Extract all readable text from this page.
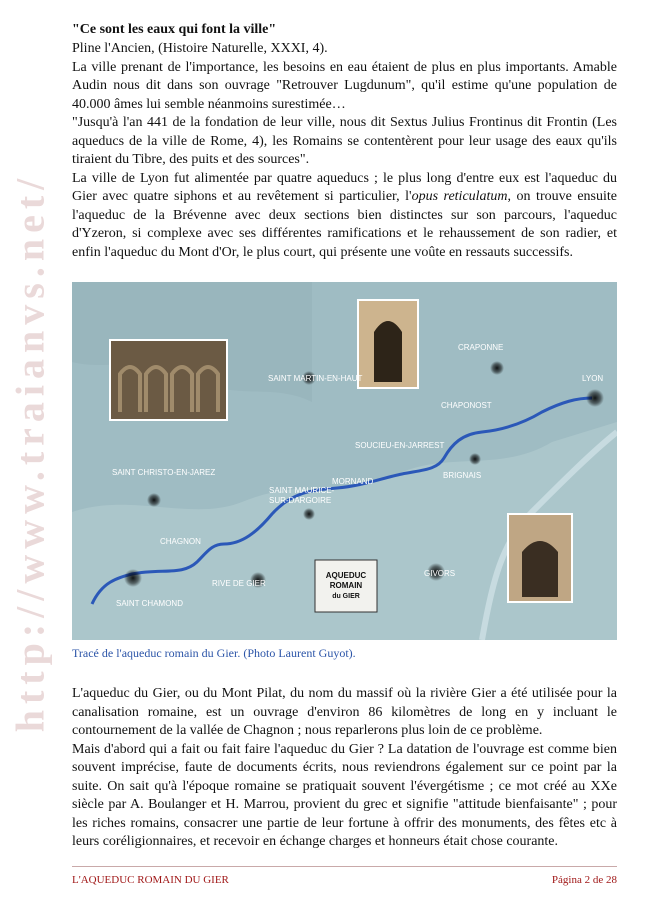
http://www.traianvs.net/
"Ce sont les eaux qui font la ville"

Pline l'Ancien, (Histoire Naturelle, XXXI, 4).

La ville prenant de l'importance, les besoins en eau étaient de plus en plus importants. Amable Audin nous dit dans son ouvrage "Retrouver Lugdunum", qu'il estime qu'une population de 40.000 âmes lui semble néanmoins surestimée…

"Jusqu'à l'an 441 de la fondation de leur ville, nous dit Sextus Julius Frontinus dit Frontin (Les aqueducs de la ville de Rome, 4), les Romains se contentèrent pour leur usage des eaux qu'ils tiraient du Tibre, des puits et des sources".

La ville de Lyon fut alimentée par quatre aqueducs ; le plus long d'entre eux est l'aqueduc du Gier avec quatre siphons et au revêtement si particulier, l'opus reticulatum, on trouve ensuite l'aqueduc de la Brévenne avec deux sections bien distinctes sur son parcours, l'aqueduc d'Yzeron, si complexe avec ses différentes ramifications et le rehaussement de son radier, et enfin l'aqueduc du Mont d'Or, le plus court, qui présente une voûte en ressauts successifs.

AQUEDUC
ROMAIN
du GIER
LYON
CRAPONNE
CHAPONOST
SOUCIEU-EN-JARREST
BRIGNAIS
MORNAND
SAINT MARTIN-EN-HAUT
SAINT CHRISTO-EN-JAREZ
SAINT MAURICE-
SUR-DARGOIRE
CHAGNON
RIVE DE GIER
SAINT CHAMOND
GIVORS
Tracé de l'aqueduc romain du Gier. (Photo Laurent Guyot).

L'aqueduc du Gier, ou du Mont Pilat, du nom du massif où la rivière Gier a été utilisée pour la canalisation romaine, est un ouvrage d'environ 86 kilomètres de long en y incluant le contournement de la vallée de Chagnon ; nous reparlerons plus loin de ce problème.

Mais d'abord qui a fait ou fait faire l'aqueduc du Gier ? La datation de l'ouvrage est comme bien souvent imprécise, faute de documents écrits, nous reviendrons également sur ce point par la suite. On sait qu'à l'époque romaine se pratiquait souvent l'évergétisme ; ce mot créé au XXe siècle par A. Boulanger et H. Marrou, provient du grec et signifie "attitude bienfaisante" ; pour les riches romains, consacrer une partie de leur fortune à offrir des monuments, des fêtes etc à leurs coréligionnaires, et recevoir en échange charges et honneurs était chose courante.

L'AQUEDUC ROMAIN DU GIER	Página 2 de 28
